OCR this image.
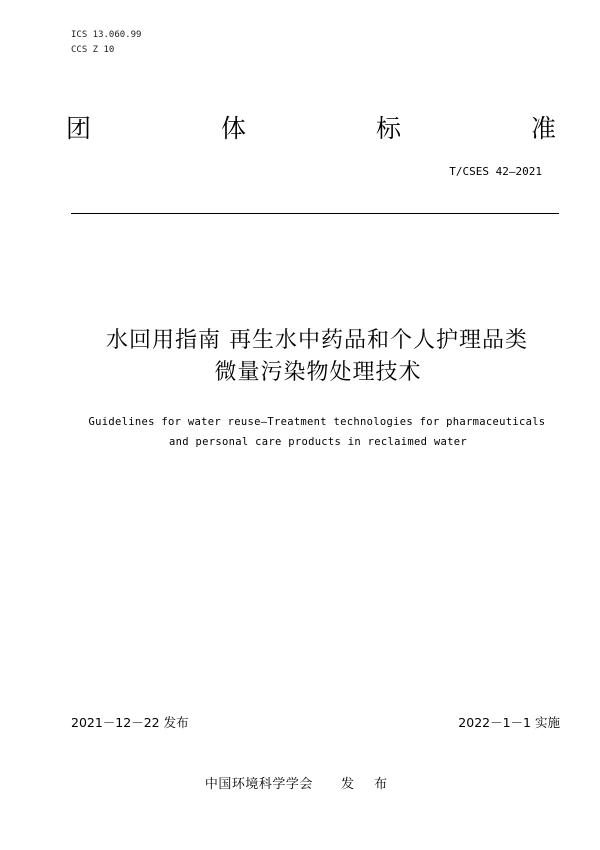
ICS 13.060.99
CCS Z 10
团	体	标	准
T/CSES 42—2021
水回用指南 再生水中药品和个人护理品类
微量污染物处理技术
Guidelines for water reuse—Treatment technologies for pharmaceuticals
and personal care products in reclaimed water
2021－12－22 发布	2022－1－1 实施
中国环境科学学会 发 布
